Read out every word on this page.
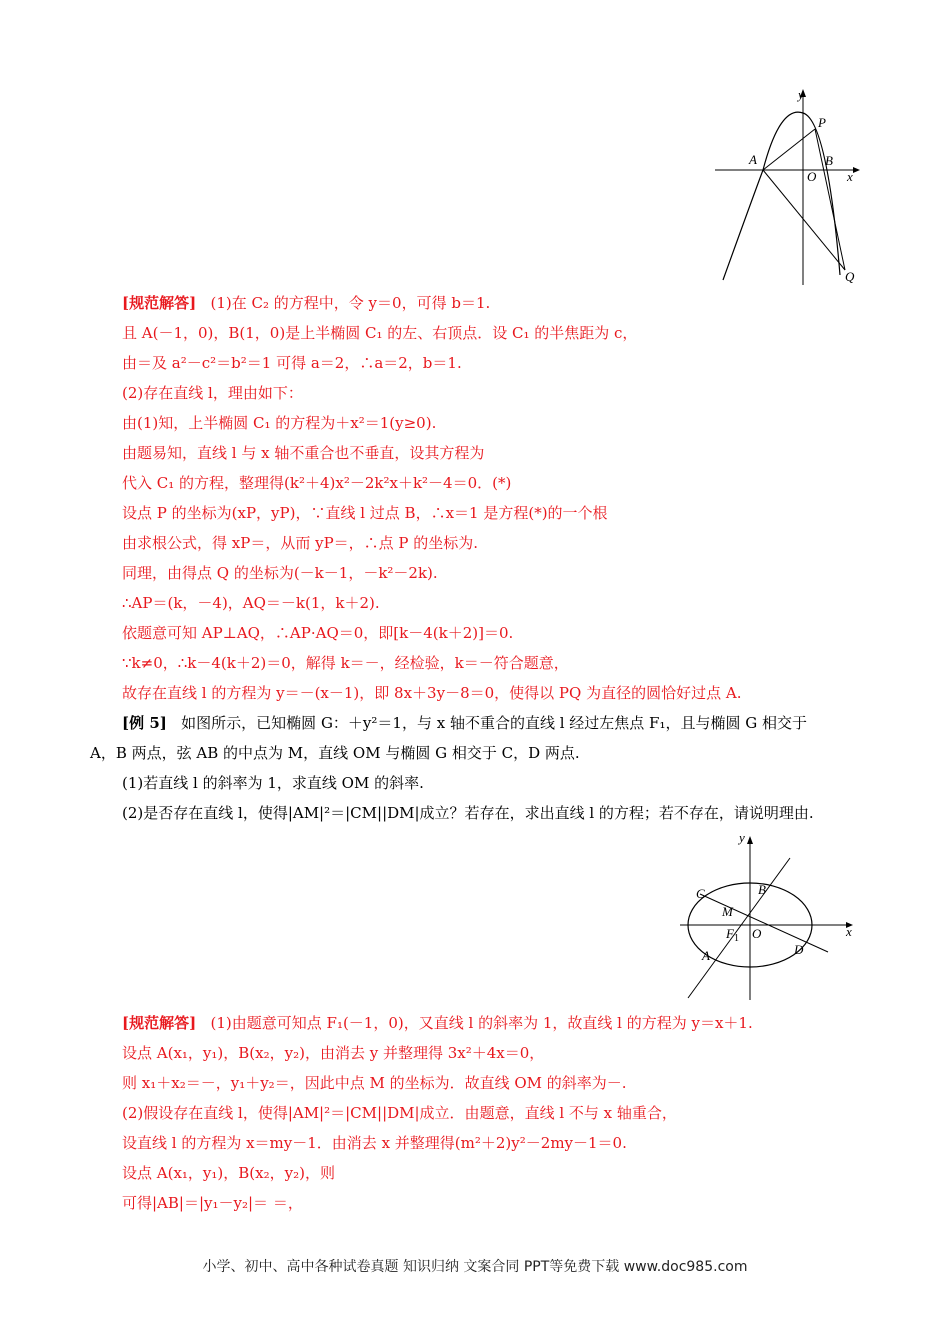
y
x
P
A	B
O
Q
[规范解答] (1)在 C₂ 的方程中，令 y＝0，可得 b＝1.
且 A(－1，0)，B(1，0)是上半椭圆 C₁ 的左、右顶点．设 C₁ 的半焦距为 c，
由＝及 a²－c²＝b²＝1 可得 a＝2，∴a＝2，b＝1.
(2)存在直线 l，理由如下：
由(1)知，上半椭圆 C₁ 的方程为＋x²＝1(y≥0).
由题易知，直线 l 与 x 轴不重合也不垂直，设其方程为
代入 C₁ 的方程，整理得(k²＋4)x²－2k²x＋k²－4＝0．(*)
设点 P 的坐标为(xP，yP)，∵直线 l 过点 B，∴x＝1 是方程(*)的一个根
由求根公式，得 xP＝，从而 yP＝，∴点 P 的坐标为.
同理，由得点 Q 的坐标为(－k－1，－k²－2k).
∴AP＝(k，－4)，AQ＝－k(1，k＋2).
依题意可知 AP⊥AQ，∴AP·AQ＝0，即[k－4(k＋2)]＝0.
∵k≠0，∴k－4(k＋2)＝0，解得 k＝－，经检验，k＝－符合题意，
故存在直线 l 的方程为 y＝－(x－1)，即 8x＋3y－8＝0，使得以 PQ 为直径的圆恰好过点 A.
[例 5] 如图所示，已知椭圆 G：＋y²＝1，与 x 轴不重合的直线 l 经过左焦点 F₁，且与椭圆 G 相交于
A，B 两点，弦 AB 的中点为 M，直线 OM 与椭圆 G 相交于 C，D 两点.
(1)若直线 l 的斜率为 1，求直线 OM 的斜率.
(2)是否存在直线 l，使得|AM|²＝|CM||DM|成立？若存在，求出直线 l 的方程；若不存在，请说明理由.
y
x
B
C
M
$F_1$ O
D
A
[规范解答] (1)由题意可知点 F₁(－1，0)，又直线 l 的斜率为 1，故直线 l 的方程为 y＝x＋1.
设点 A(x₁，y₁)，B(x₂，y₂)，由消去 y 并整理得 3x²＋4x＝0，
则 x₁＋x₂＝－，y₁＋y₂＝，因此中点 M 的坐标为．故直线 OM 的斜率为－.
(2)假设存在直线 l，使得|AM|²＝|CM||DM|成立．由题意，直线 l 不与 x 轴重合，
设直线 l 的方程为 x＝my－1．由消去 x 并整理得(m²＋2)y²－2my－1＝0.
设点 A(x₁，y₁)，B(x₂，y₂)，则
可得|AB|＝|y₁－y₂|＝ ＝，
小学、初中、高中各种试卷真题 知识归纳 文案合同 PPT等免费下载 www.doc985.com
